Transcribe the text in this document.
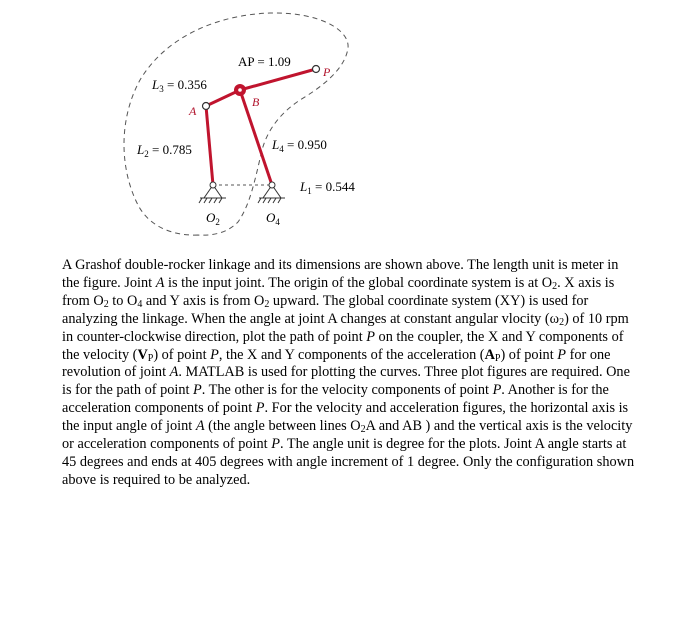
AP = 1.09
$L_3 = 0.356$
$L_2 = 0.785$	$L_4 = 0.950$
$L_1 = 0.544$
A
B
P
$O_2$	$O_4$

A Grashof double-rocker linkage and its dimensions are shown above. The length unit is meter in the figure. Joint A is the input joint. The origin of the global coordinate system is at $O_2$. X axis is from $O_2$ to $O_4$ and Y axis is from $O_2$ upward. The global coordinate system (XY) is used for analyzing the linkage. When the angle at joint A changes at constant angular vlocity $(\omega_2)$ of 10 rpm in counter-clockwise direction, plot the path of point P on the coupler, the X and Y components of the velocity $(V_P)$ of point P, the X and Y components of the acceleration $(A_P)$ of point P for one revolution of joint A. MATLAB is used for plotting the curves. Three plot figures are required. One is for the path of point P. The other is for the velocity components of point P. Another is for the acceleration components of point P. For the velocity and acceleration figures, the horizontal axis is the input angle of joint A (the angle between lines $O_2A$ and AB ) and the vertical axis is the velocity or acceleration components of point P. The angle unit is degree for the plots. Joint A angle starts at 45 degrees and ends at 405 degrees with angle increment of 1 degree. Only the configuration shown above is required to be analyzed.
